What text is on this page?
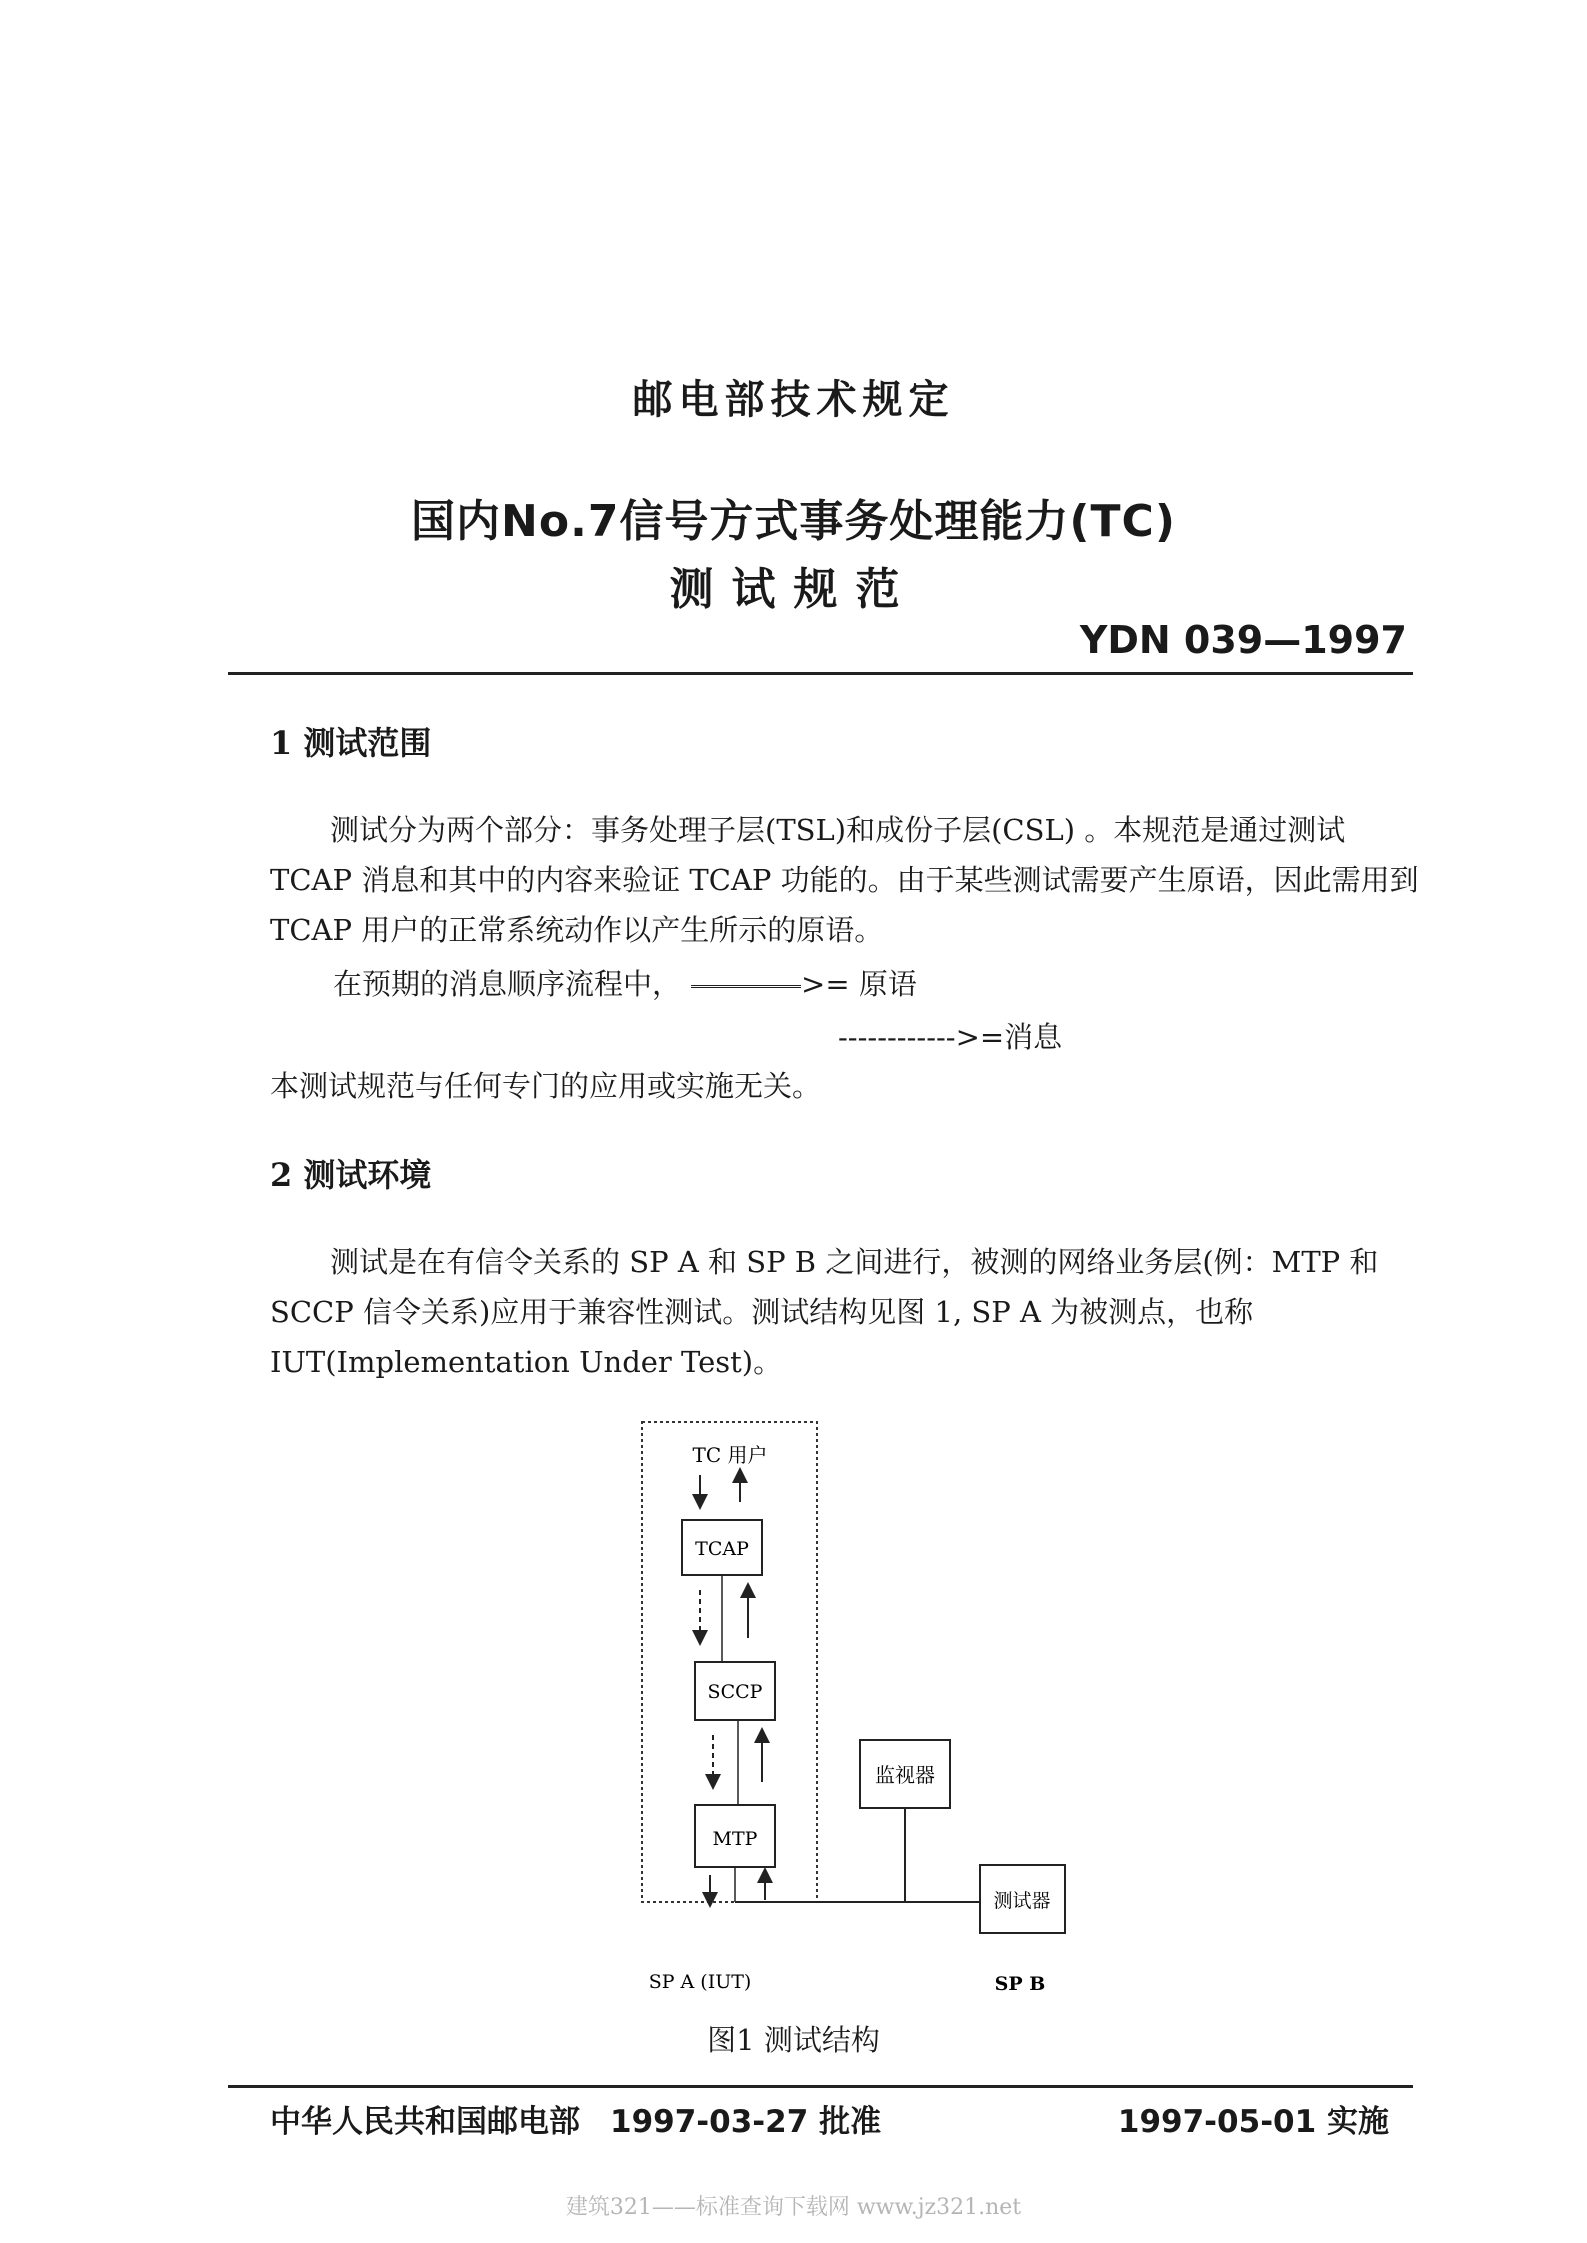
邮电部技术规定
国内No.7信号方式事务处理能力(TC)
测试规范
YDN 039—1997
1 测试范围
测试分为两个部分：事务处理子层(TSL)和成份子层(CSL) 。本规范是通过测试 TCAP 消息和其中的内容来验证 TCAP 功能的。由于某些测试需要产生原语，因此需用到 TCAP 用户的正常系统动作以产生所示的原语。
在预期的消息顺序流程中，	>= 原语
------------>=消息
本测试规范与任何专门的应用或实施无关。
2 测试环境
测试是在有信令关系的 SP A 和 SP B 之间进行，被测的网络业务层(例：MTP 和 SCCP 信令关系)应用于兼容性测试。测试结构见图 1, SP A 为被测点，也称 IUT(Implementation Under Test)。
TC 用户
TCAP
SCCP
MTP
监视器
测试器
SP A (IUT)	SP B
图1 测试结构
中华人民共和国邮电部 1997-03-27 批准	1997-05-01 实施
建筑321——标准查询下载网 www.jz321.net
